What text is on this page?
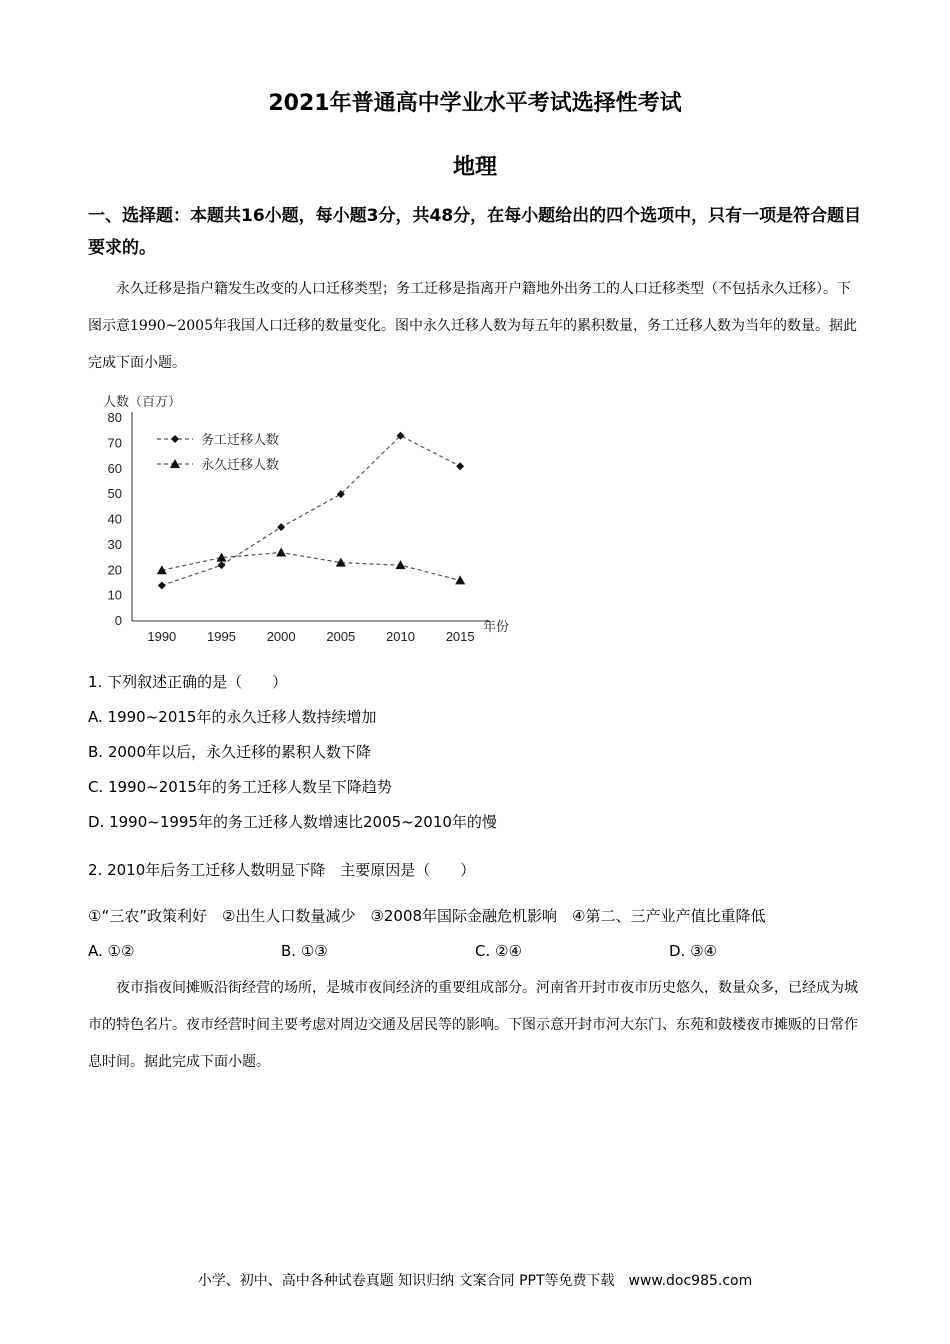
2021年普通高中学业水平考试选择性考试
地理
一、选择题：本题共16小题，每小题3分，共48分，在每小题给出的四个选项中，只有一项是符合题目要求的。
永久迁移是指户籍发生改变的人口迁移类型；务工迁移是指离开户籍地外出务工的人口迁移类型（不包括永久迁移）。下图示意1990~2005年我国人口迁移的数量变化。图中永久迁移人数为每五年的累积数量，务工迁移人数为当年的数量。据此完成下面小题。
人数（百万）
0
10
20
30
40
50
60
70
80
1990 1995 2000 2005 2010 2015
年份
务工迁移人数
永久迁移人数
1. 下列叙述正确的是（　　）
A. 1990~2015年的永久迁移人数持续增加
B. 2000年以后，永久迁移的累积人数下降
C. 1990~2015年的务工迁移人数呈下降趋势
D. 1990~1995年的务工迁移人数增速比2005~2010年的慢
2. 2010年后务工迁移人数明显下降　主要原因是（　　）
①“三农”政策利好　②出生人口数量减少　③2008年国际金融危机影响　④第二、三产业产值比重降低
A. ①②	B. ①③	C. ②④	D. ③④
夜市指夜间摊贩沿街经营的场所，是城市夜间经济的重要组成部分。河南省开封市夜市历史悠久，数量众多，已经成为城市的特色名片。夜市经营时间主要考虑对周边交通及居民等的影响。下图示意开封市河大东门、东苑和鼓楼夜市摊贩的日常作息时间。据此完成下面小题。
小学、初中、高中各种试卷真题 知识归纳 文案合同 PPT等免费下载　www.doc985.com
